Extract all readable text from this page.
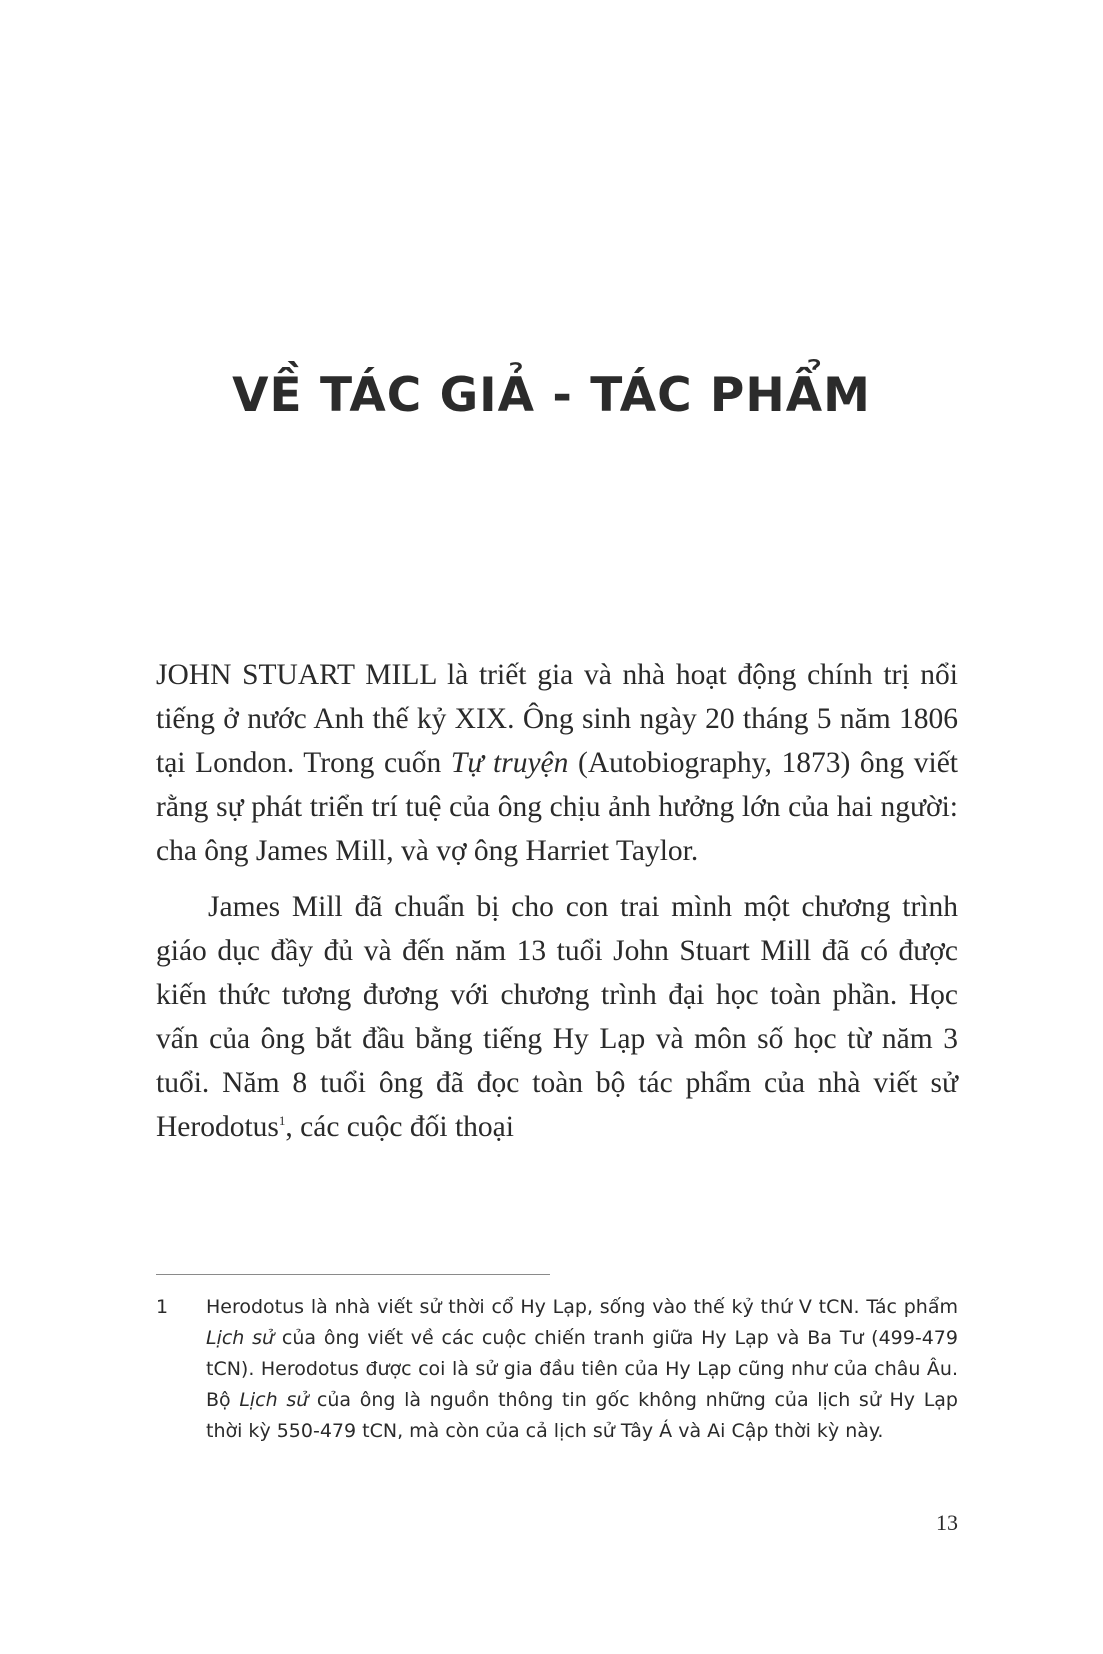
VỀ TÁC GIẢ - TÁC PHẨM

JOHN STUART MILL là triết gia và nhà hoạt động chính trị nổi tiếng ở nước Anh thế kỷ XIX. Ông sinh ngày 20 tháng 5 năm 1806 tại London. Trong cuốn Tự truyện (Autobiography, 1873) ông viết rằng sự phát triển trí tuệ của ông chịu ảnh hưởng lớn của hai người: cha ông James Mill, và vợ ông Harriet Taylor.

James Mill đã chuẩn bị cho con trai mình một chương trình giáo dục đầy đủ và đến năm 13 tuổi John Stuart Mill đã có được kiến thức tương đương với chương trình đại học toàn phần. Học vấn của ông bắt đầu bằng tiếng Hy Lạp và môn số học từ năm 3 tuổi. Năm 8 tuổi ông đã đọc toàn bộ tác phẩm của nhà viết sử Herodotus$^1$, các cuộc đối thoại

1 Herodotus là nhà viết sử thời cổ Hy Lạp, sống vào thế kỷ thứ V tCN. Tác phẩm Lịch sử của ông viết về các cuộc chiến tranh giữa Hy Lạp và Ba Tư (499-479 tCN). Herodotus được coi là sử gia đầu tiên của Hy Lạp cũng như của châu Âu. Bộ Lịch sử của ông là nguồn thông tin gốc không những của lịch sử Hy Lạp thời kỳ 550-479 tCN, mà còn của cả lịch sử Tây Á và Ai Cập thời kỳ này.
13
